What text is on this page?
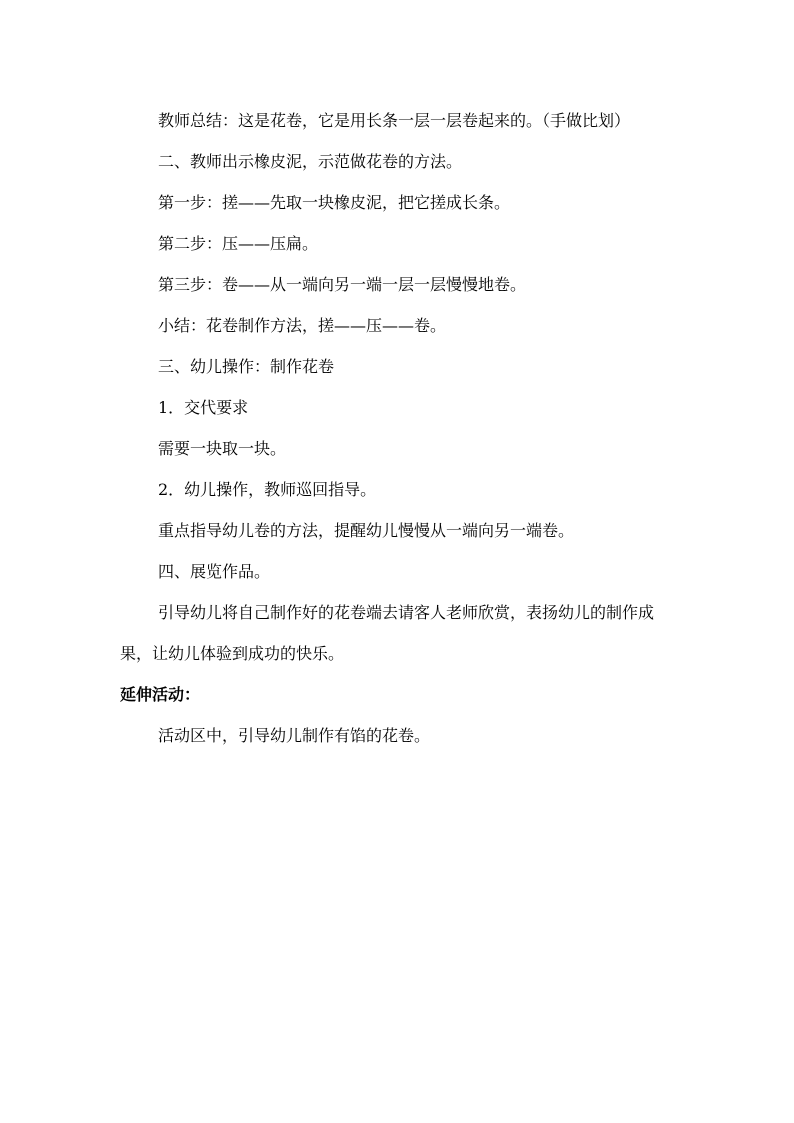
教师总结：这是花卷，它是用长条一层一层卷起来的。（手做比划）

二、教师出示橡皮泥，示范做花卷的方法。

第一步：搓——先取一块橡皮泥，把它搓成长条。

第二步：压——压扁。

第三步：卷——从一端向另一端一层一层慢慢地卷。

小结：花卷制作方法，搓——压——卷。

三、幼儿操作：制作花卷

1．交代要求

需要一块取一块。

2．幼儿操作，教师巡回指导。

重点指导幼儿卷的方法，提醒幼儿慢慢从一端向另一端卷。

四、展览作品。

引导幼儿将自己制作好的花卷端去请客人老师欣赏，表扬幼儿的制作成果，让幼儿体验到成功的快乐。

延伸活动：

活动区中，引导幼儿制作有馅的花卷。
